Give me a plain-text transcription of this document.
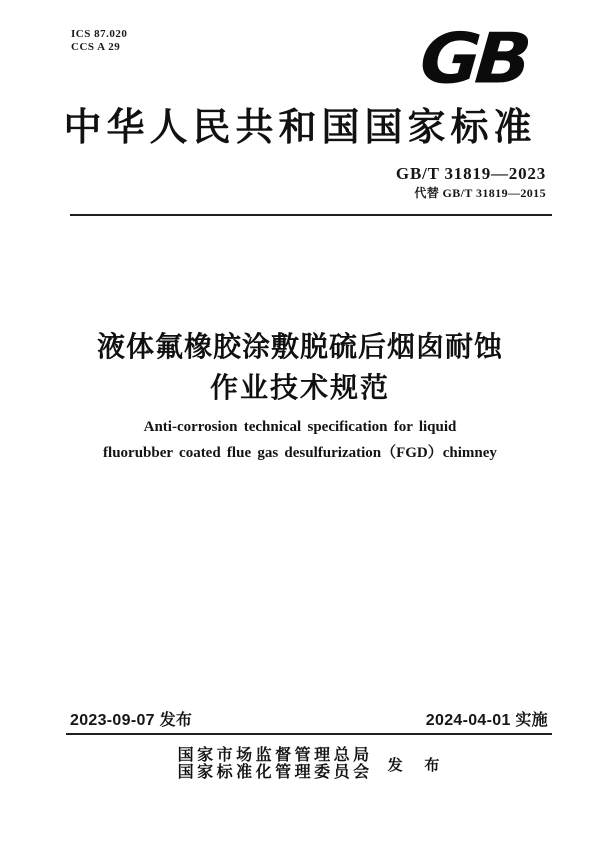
ICS 87.020
CCS A 29	GB
中华人民共和国国家标准
GB/T 31819—2023
代替 GB/T 31819—2015
液体氟橡胶涂敷脱硫后烟囱耐蚀
作业技术规范
Anti-corrosion technical specification for liquid
fluorubber coated flue gas desulfurization（FGD）chimney
2023-09-07 发布	2024-04-01 实施
国家市场监督管理总局
国家标准化管理委员会 发 布
